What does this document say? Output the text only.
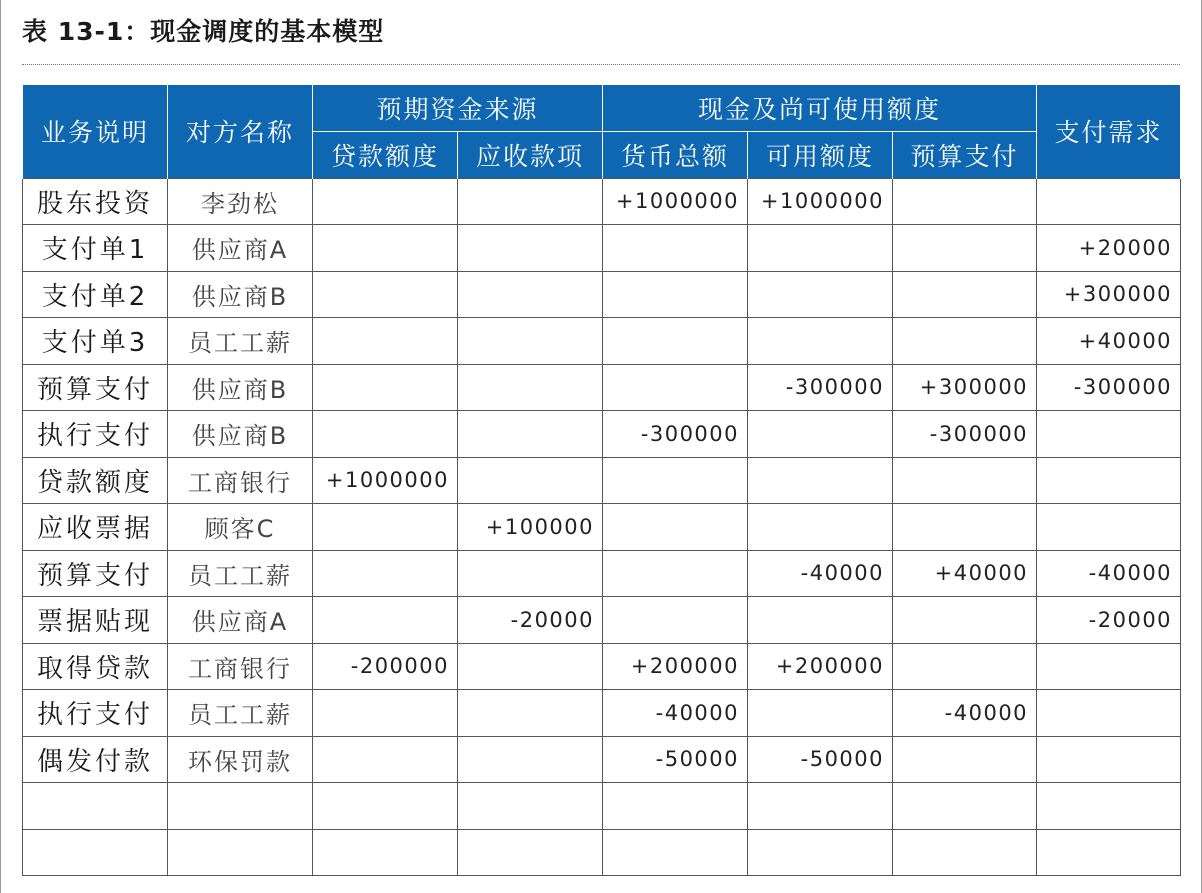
表 13-1：现金调度的基本模型
业务说明	对方名称	预期资金来源		现金及尚可使用额度			支付需求
		贷款额度	应收款项	货币总额	可用额度	预算支付	
股东投资	李劲松			+1000000	+1000000		
支付单1	供应商A						+20000
支付单2	供应商B						+300000
支付单3	员工工薪						+40000
预算支付	供应商B				-300000	+300000	-300000
执行支付	供应商B			-300000		-300000	
贷款额度	工商银行	+1000000					
应收票据	顾客C		+100000				
预算支付	员工工薪				-40000	+40000	-40000
票据贴现	供应商A		-20000				-20000
取得贷款	工商银行	-200000		+200000	+200000		
执行支付	员工工薪			-40000		-40000	
偶发付款	环保罚款			-50000	-50000		
